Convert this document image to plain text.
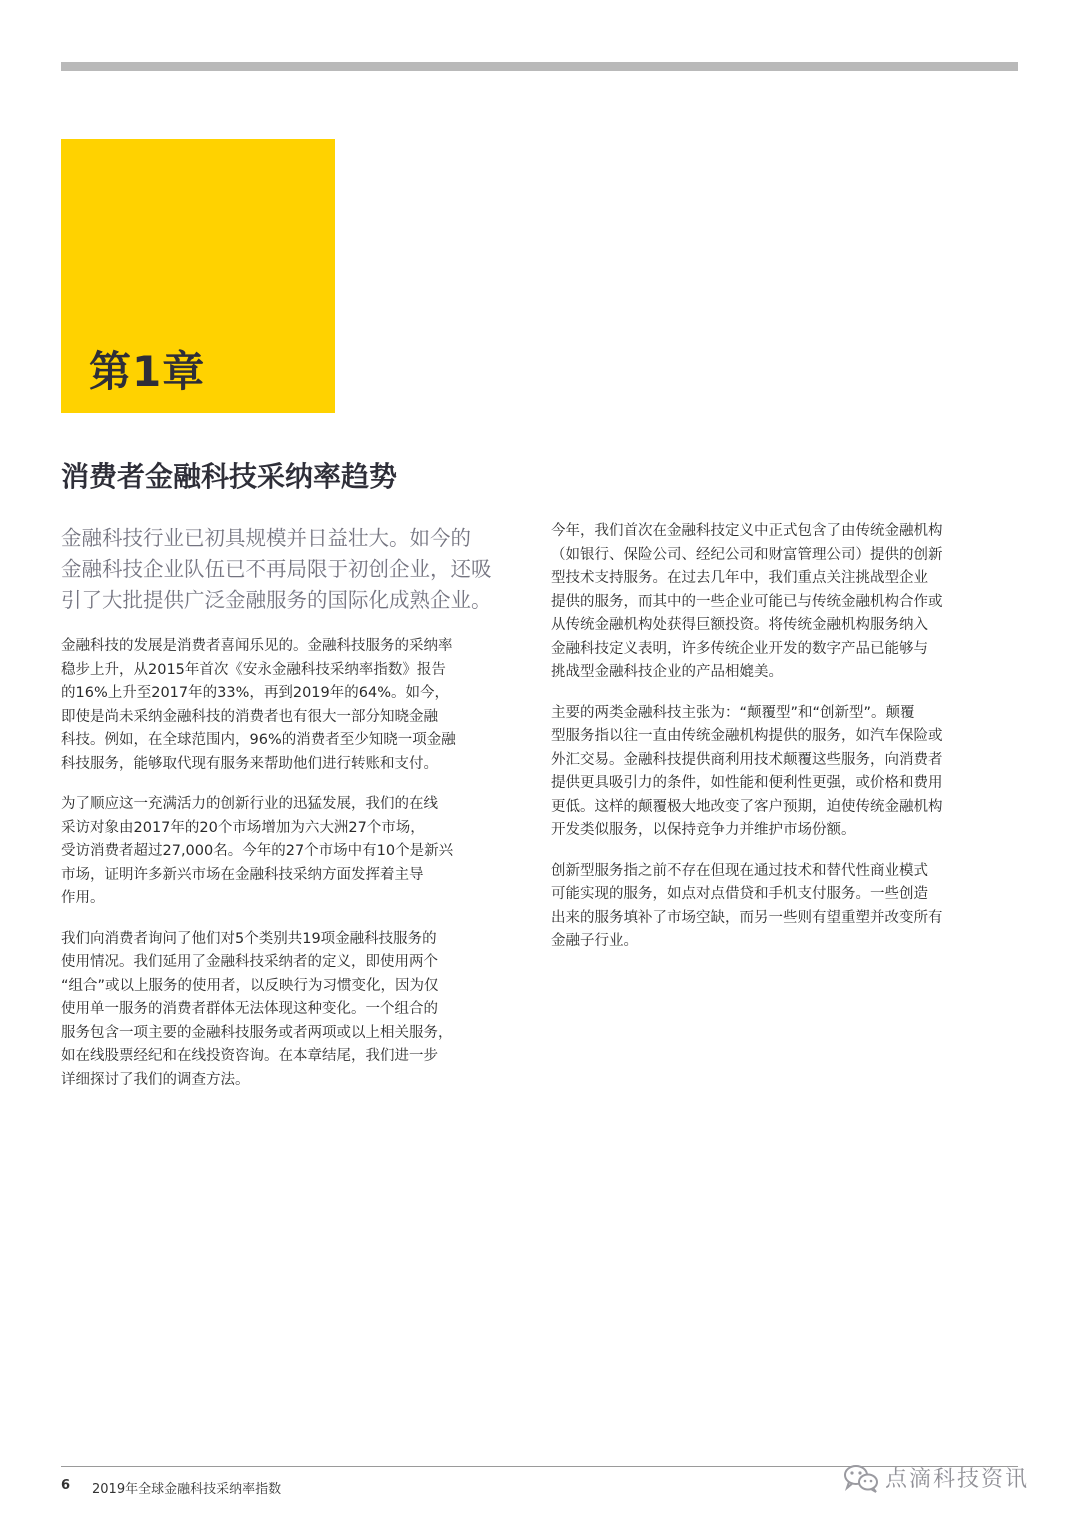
第1章
消费者金融科技采纳率趋势
金融科技行业已初具规模并日益壮大。如今的
金融科技企业队伍已不再局限于初创企业，还吸
引了大批提供广泛金融服务的国际化成熟企业。

金融科技的发展是消费者喜闻乐见的。金融科技服务的采纳率
稳步上升，从2015年首次《安永金融科技采纳率指数》报告
的16%上升至2017年的33%，再到2019年的64%。如今，
即使是尚未采纳金融科技的消费者也有很大一部分知晓金融
科技。例如，在全球范围内，96%的消费者至少知晓一项金融
科技服务，能够取代现有服务来帮助他们进行转账和支付。

为了顺应这一充满活力的创新行业的迅猛发展，我们的在线
采访对象由2017年的20个市场增加为六大洲27个市场，
受访消费者超过27,000名。今年的27个市场中有10个是新兴
市场，证明许多新兴市场在金融科技采纳方面发挥着主导
作用。

我们向消费者询问了他们对5个类别共19项金融科技服务的
使用情况。我们延用了金融科技采纳者的定义，即使用两个
“组合”或以上服务的使用者，以反映行为习惯变化，因为仅
使用单一服务的消费者群体无法体现这种变化。一个组合的
服务包含一项主要的金融科技服务或者两项或以上相关服务，
如在线股票经纪和在线投资咨询。在本章结尾，我们进一步
详细探讨了我们的调查方法。

今年，我们首次在金融科技定义中正式包含了由传统金融机构
（如银行、保险公司、经纪公司和财富管理公司）提供的创新
型技术支持服务。在过去几年中，我们重点关注挑战型企业
提供的服务，而其中的一些企业可能已与传统金融机构合作或
从传统金融机构处获得巨额投资。将传统金融机构服务纳入
金融科技定义表明，许多传统企业开发的数字产品已能够与
挑战型金融科技企业的产品相媲美。

主要的两类金融科技主张为：“颠覆型”和“创新型”。颠覆
型服务指以往一直由传统金融机构提供的服务，如汽车保险或
外汇交易。金融科技提供商利用技术颠覆这些服务，向消费者
提供更具吸引力的条件，如性能和便利性更强，或价格和费用
更低。这样的颠覆极大地改变了客户预期，迫使传统金融机构
开发类似服务，以保持竞争力并维护市场份额。

创新型服务指之前不存在但现在通过技术和替代性商业模式
可能实现的服务，如点对点借贷和手机支付服务。一些创造
出来的服务填补了市场空缺，而另一些则有望重塑并改变所有
金融子行业。

6 2019年全球金融科技采纳率指数	点滴科技资讯
